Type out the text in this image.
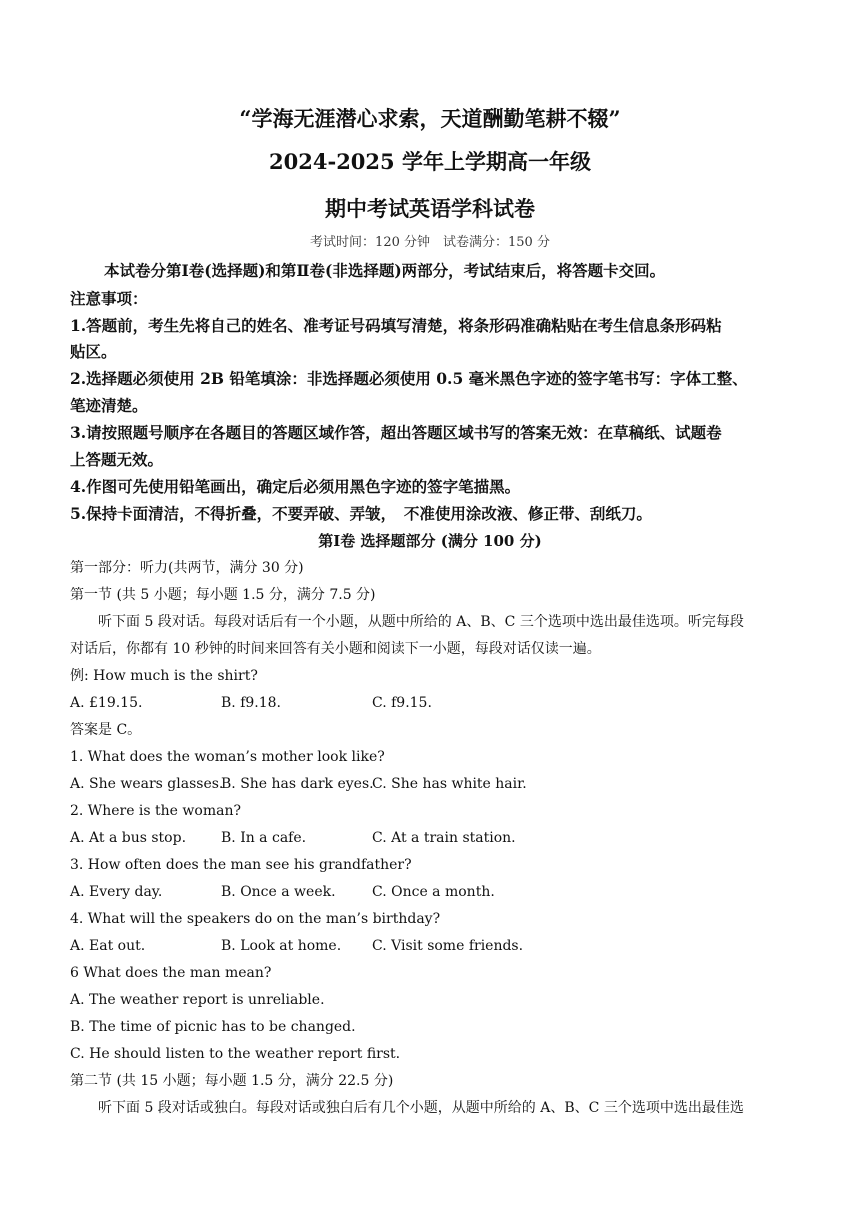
“学海无涯潜心求索，天道酬勤笔耕不辍”
2024-2025 学年上学期高一年级
期中考试英语学科试卷
考试时间：120 分钟　试卷满分：150 分
本试卷分第Ⅰ卷(选择题)和第Ⅱ卷(非选择题)两部分，考试结束后，将答题卡交回。
注意事项：
1.答题前，考生先将自己的姓名、准考证号码填写清楚，将条形码准确粘贴在考生信息条形码粘
贴区。
2.选择题必须使用 2B 铅笔填涂：非选择题必须使用 0.5 毫米黑色字迹的签字笔书写：字体工整、
笔迹清楚。
3.请按照题号顺序在各题目的答题区域作答，超出答题区域书写的答案无效：在草稿纸、试题卷
上答题无效。
4.作图可先使用铅笔画出，确定后必须用黑色字迹的签字笔描黑。
5.保持卡面清洁，不得折叠，不要弄破、弄皱，　不准使用涂改液、修正带、刮纸刀。
第Ⅰ卷 选择题部分 (满分 100 分)
第一部分：听力(共两节，满分 30 分)
第一节 (共 5 小题；每小题 1.5 分，满分 7.5 分)
听下面 5 段对话。每段对话后有一个小题，从题中所给的 A、B、C 三个选项中选出最佳选项。听完每段
对话后，你都有 10 秒钟的时间来回答有关小题和阅读下一小题，每段对话仅读一遍。
例: How much is the shirt?
A. £19.15.	B. f9.18.	C. f9.15.
答案是 C。
1. What does the woman’s mother look like?
A. She wears glasses.
B. She has dark eyes.
C. She has white hair.
2. Where is the woman?
A. At a bus stop. B. In a cafe.	C. At a train station.
3. How often does the man see his grandfather?
A. Every day.	B. Once a week.	C. Once a month.
4. What will the speakers do on the man’s birthday?
A. Eat out.	B. Look at home. C. Visit some friends.
6 What does the man mean?
A. The weather report is unreliable.
B. The time of picnic has to be changed.
C. He should listen to the weather report first.
第二节 (共 15 小题；每小题 1.5 分，满分 22.5 分)
听下面 5 段对话或独白。每段对话或独白后有几个小题，从题中所给的 A、B、C 三个选项中选出最佳选
